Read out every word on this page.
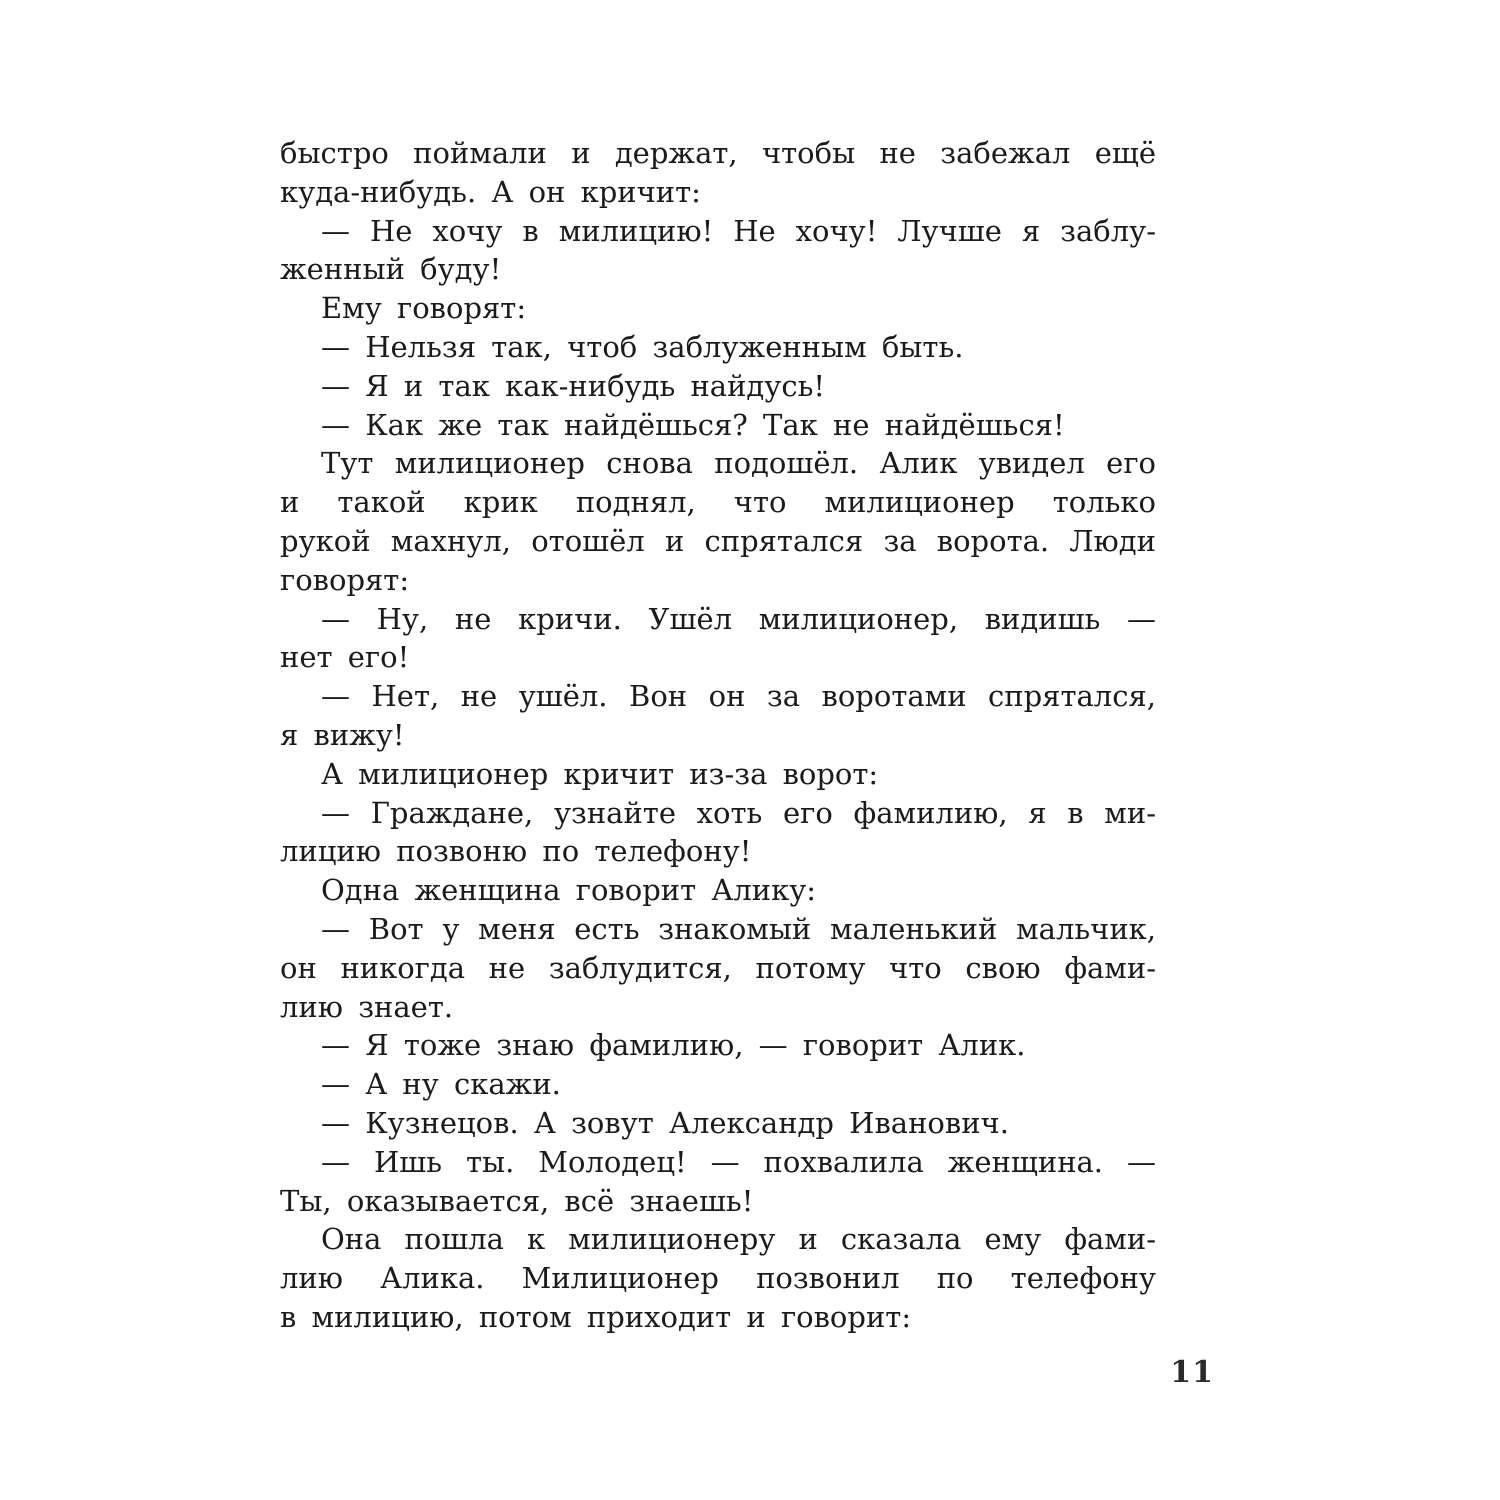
быстро поймали и держат, чтобы не забежал ещё
куда-нибудь. А он кричит:
— Не хочу в милицию! Не хочу! Лучше я заблу-
женный буду!
Ему говорят:
— Нельзя так, чтоб заблуженным быть.
— Я и так как-нибудь найдусь!
— Как же так найдёшься? Так не найдёшься!
Тут милиционер снова подошёл. Алик увидел его
и такой крик поднял, что милиционер только
рукой махнул, отошёл и спрятался за ворота. Люди
говорят:
— Ну, не кричи. Ушёл милиционер, видишь —
нет его!
— Нет, не ушёл. Вон он за воротами спрятался,
я вижу!
А милиционер кричит из-за ворот:
— Граждане, узнайте хоть его фамилию, я в ми-
лицию позвоню по телефону!
Одна женщина говорит Алику:
— Вот у меня есть знакомый маленький мальчик,
он никогда не заблудится, потому что свою фами-
лию знает.
— Я тоже знаю фамилию, — говорит Алик.
— А ну скажи.
— Кузнецов. А зовут Александр Иванович.
— Ишь ты. Молодец! — похвалила женщина. —
Ты, оказывается, всё знаешь!
Она пошла к милиционеру и сказала ему фами-
лию Алика. Милиционер позвонил по телефону
в милицию, потом приходит и говорит:
11
